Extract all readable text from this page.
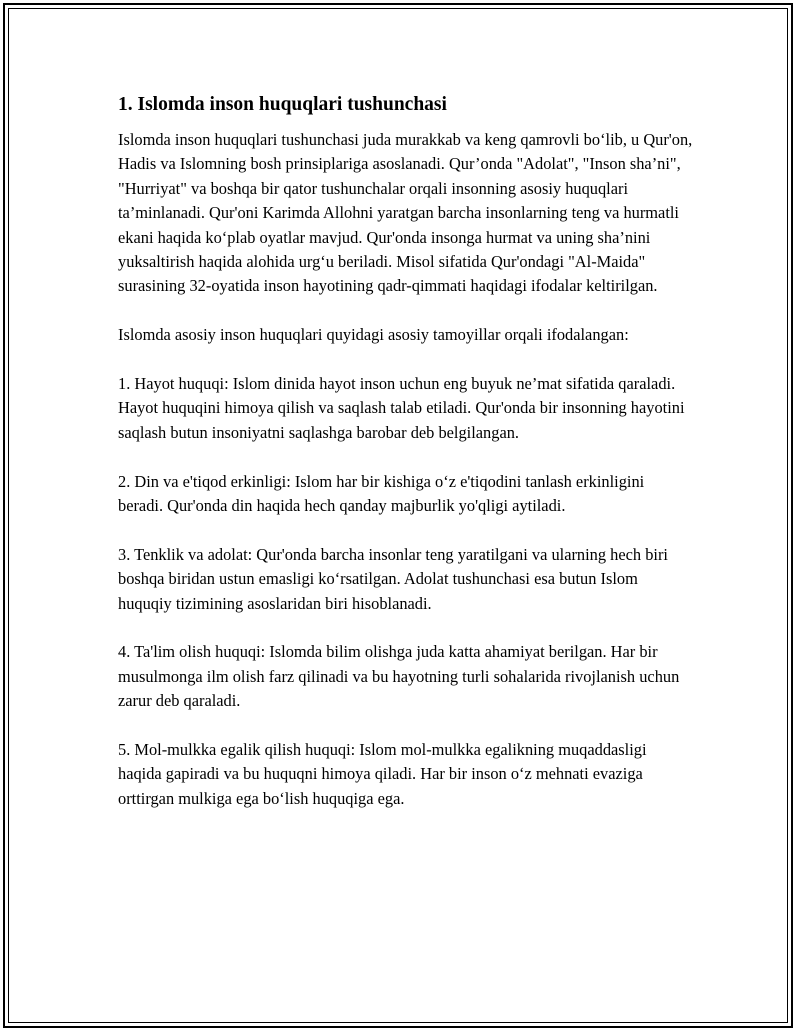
1. Islomda inson huquqlari tushunchasi

Islomda inson huquqlari tushunchasi juda murakkab va keng qamrovli bo‘lib, u Qur'on, Hadis va Islomning bosh prinsiplariga asoslanadi. Qur’onda "Adolat", "Inson sha’ni", "Hurriyat" va boshqa bir qator tushunchalar orqali insonning asosiy huquqlari ta’minlanadi. Qur'oni Karimda Allohni yaratgan barcha insonlarning teng va hurmatli ekani haqida ko‘plab oyatlar mavjud. Qur'onda insonga hurmat va uning sha’nini yuksaltirish haqida alohida urg‘u beriladi. Misol sifatida Qur'ondagi "Al-Maida" surasining 32-oyatida inson hayotining qadr-qimmati haqidagi ifodalar keltirilgan.

Islomda asosiy inson huquqlari quyidagi asosiy tamoyillar orqali ifodalangan:

1. Hayot huquqi: Islom dinida hayot inson uchun eng buyuk ne’mat sifatida qaraladi. Hayot huquqini himoya qilish va saqlash talab etiladi. Qur'onda bir insonning hayotini saqlash butun insoniyatni saqlashga barobar deb belgilangan.

2. Din va e'tiqod erkinligi: Islom har bir kishiga o‘z e'tiqodini tanlash erkinligini beradi. Qur'onda din haqida hech qanday majburlik yo'qligi aytiladi.

3. Tenklik va adolat: Qur'onda barcha insonlar teng yaratilgani va ularning hech biri boshqa biridan ustun emasligi ko‘rsatilgan. Adolat tushunchasi esa butun Islom huquqiy tizimining asoslaridan biri hisoblanadi.

4. Ta'lim olish huquqi: Islomda bilim olishga juda katta ahamiyat berilgan. Har bir musulmonga ilm olish farz qilinadi va bu hayotning turli sohalarida rivojlanish uchun zarur deb qaraladi.

5. Mol-mulkka egalik qilish huquqi: Islom mol-mulkka egalikning muqaddasligi haqida gapiradi va bu huquqni himoya qiladi. Har bir inson o‘z mehnati evaziga orttirgan mulkiga ega bo‘lish huquqiga ega.
